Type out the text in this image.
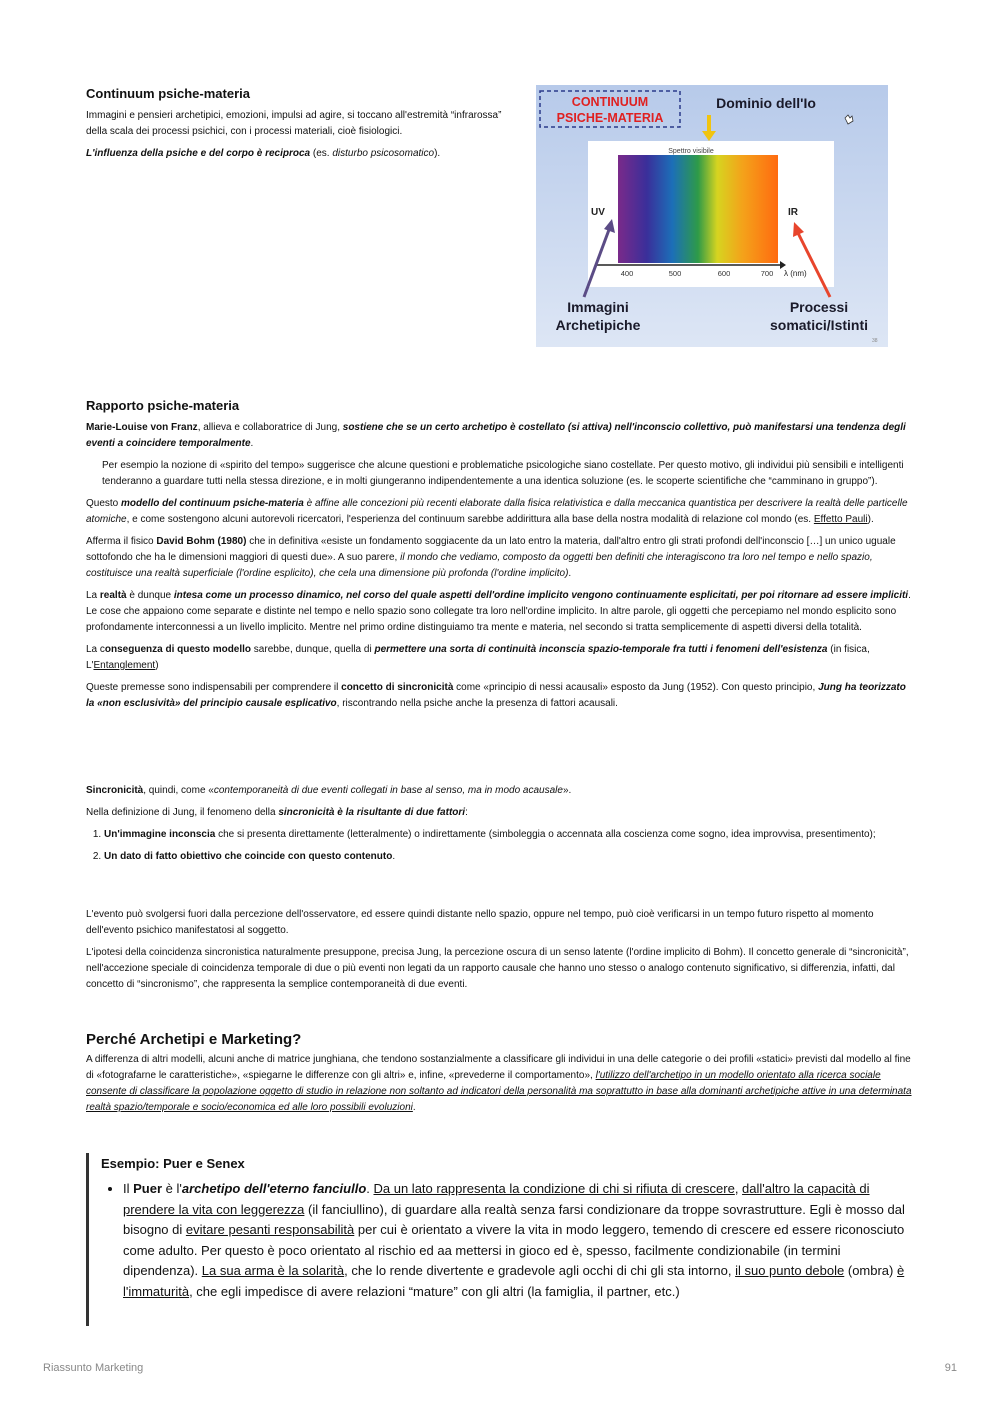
Continuum psiche-materia

Immagini e pensieri archetipici, emozioni, impulsi ad agire, si toccano all'estremità “infrarossa” della scala dei processi psichici, con i processi materiali, cioè fisiologici.

L'influenza della psiche e del corpo è reciproca (es. disturbo psicosomatico).

CONTINUUM
PSICHE-MATERIA
Dominio dell'Io
Spettro visibile
UV	IR
400	500	600	700 λ (nm)
Immagini
Archetipiche
Processi
somatici/Istinti
38
Rapporto psiche-materia

Marie-Louise von Franz, allieva e collaboratrice di Jung, sostiene che se un certo archetipo è costellato (si attiva) nell'inconscio collettivo, può manifestarsi una tendenza degli eventi a coincidere temporalmente.

Per esempio la nozione di «spirito del tempo» suggerisce che alcune questioni e problematiche psicologiche siano costellate. Per questo motivo, gli individui più sensibili e intelligenti tenderanno a guardare tutti nella stessa direzione, e in molti giungeranno indipendentemente a una identica soluzione (es. le scoperte scientifiche che “camminano in gruppo”).

Questo modello del continuum psiche-materia è affine alle concezioni più recenti elaborate dalla fisica relativistica e dalla meccanica quantistica per descrivere la realtà delle particelle atomiche, e come sostengono alcuni autorevoli ricercatori, l'esperienza del continuum sarebbe addirittura alla base della nostra modalità di relazione col mondo (es. Effetto Pauli).

Afferma il fisico David Bohm (1980) che in definitiva «esiste un fondamento soggiacente da un lato entro la materia, dall'altro entro gli strati profondi dell'inconscio […] un unico uguale sottofondo che ha le dimensioni maggiori di questi due». A suo parere, il mondo che vediamo, composto da oggetti ben definiti che interagiscono tra loro nel tempo e nello spazio, costituisce una realtà superficiale (l'ordine esplicito), che cela una dimensione più profonda (l'ordine implicito).

La realtà è dunque intesa come un processo dinamico, nel corso del quale aspetti dell'ordine implicito vengono continuamente esplicitati, per poi ritornare ad essere impliciti. Le cose che appaiono come separate e distinte nel tempo e nello spazio sono collegate tra loro nell'ordine implicito. In altre parole, gli oggetti che percepiamo nel mondo esplicito sono profondamente interconnessi a un livello implicito. Mentre nel primo ordine distinguiamo tra mente e materia, nel secondo si tratta semplicemente di aspetti diversi della totalità.

La conseguenza di questo modello sarebbe, dunque, quella di permettere una sorta di continuità inconscia spazio-temporale fra tutti i fenomeni dell'esistenza (in fisica, L'Entanglement)

Queste premesse sono indispensabili per comprendere il concetto di sincronicità come «principio di nessi acausali» esposto da Jung (1952). Con questo principio, Jung ha teorizzato la «non esclusività» del principio causale esplicativo, riscontrando nella psiche anche la presenza di fattori acausali.

Sincronicità, quindi, come «contemporaneità di due eventi collegati in base al senso, ma in modo acausale».

Nella definizione di Jung, il fenomeno della sincronicità è la risultante di due fattori:

1. Un'immagine inconscia che si presenta direttamente (letteralmente) o indirettamente (simboleggia o accennata alla coscienza come sogno, idea improvvisa, presentimento);
2. Un dato di fatto obiettivo che coincide con questo contenuto.

L'evento può svolgersi fuori dalla percezione dell'osservatore, ed essere quindi distante nello spazio, oppure nel tempo, può cioè verificarsi in un tempo futuro rispetto al momento dell'evento psichico manifestatosi al soggetto.

L'ipotesi della coincidenza sincronistica naturalmente presuppone, precisa Jung, la percezione oscura di un senso latente (l'ordine implicito di Bohm). Il concetto generale di “sincronicità”, nell'accezione speciale di coincidenza temporale di due o più eventi non legati da un rapporto causale che hanno uno stesso o analogo contenuto significativo, si differenzia, infatti, dal concetto di “sincronismo”, che rappresenta la semplice contemporaneità di due eventi.

Perché Archetipi e Marketing?

A differenza di altri modelli, alcuni anche di matrice junghiana, che tendono sostanzialmente a classificare gli individui in una delle categorie o dei profili «statici» previsti dal modello al fine di «fotografarne le caratteristiche», «spiegarne le differenze con gli altri» e, infine, «prevederne il comportamento», l'utilizzo dell'archetipo in un modello orientato alla ricerca sociale consente di classificare la popolazione oggetto di studio in relazione non soltanto ad indicatori della personalità ma soprattutto in base alla dominanti archetipiche attive in una determinata realtà spazio/temporale e socio/economica ed alle loro possibili evoluzioni.

Esempio: Puer e Senex
• Il Puer è l'archetipo dell'eterno fanciullo. Da un lato rappresenta la condizione di chi si rifiuta di crescere, dall'altro la capacità di prendere la vita con leggerezza (il fanciullino), di guardare alla realtà senza farsi condizionare da troppe sovrastrutture. Egli è mosso dal bisogno di evitare pesanti responsabilità per cui è orientato a vivere la vita in modo leggero, temendo di crescere ed essere riconosciuto come adulto. Per questo è poco orientato al rischio ed aa mettersi in gioco ed è, spesso, facilmente condizionabile (in termini dipendenza). La sua arma è la solarità, che lo rende divertente e gradevole agli occhi di chi gli sta intorno, il suo punto debole (ombra) è l'immaturità, che egli impedisce di avere relazioni “mature” con gli altri (la famiglia, il partner, etc.)
Riassunto Marketing	91
